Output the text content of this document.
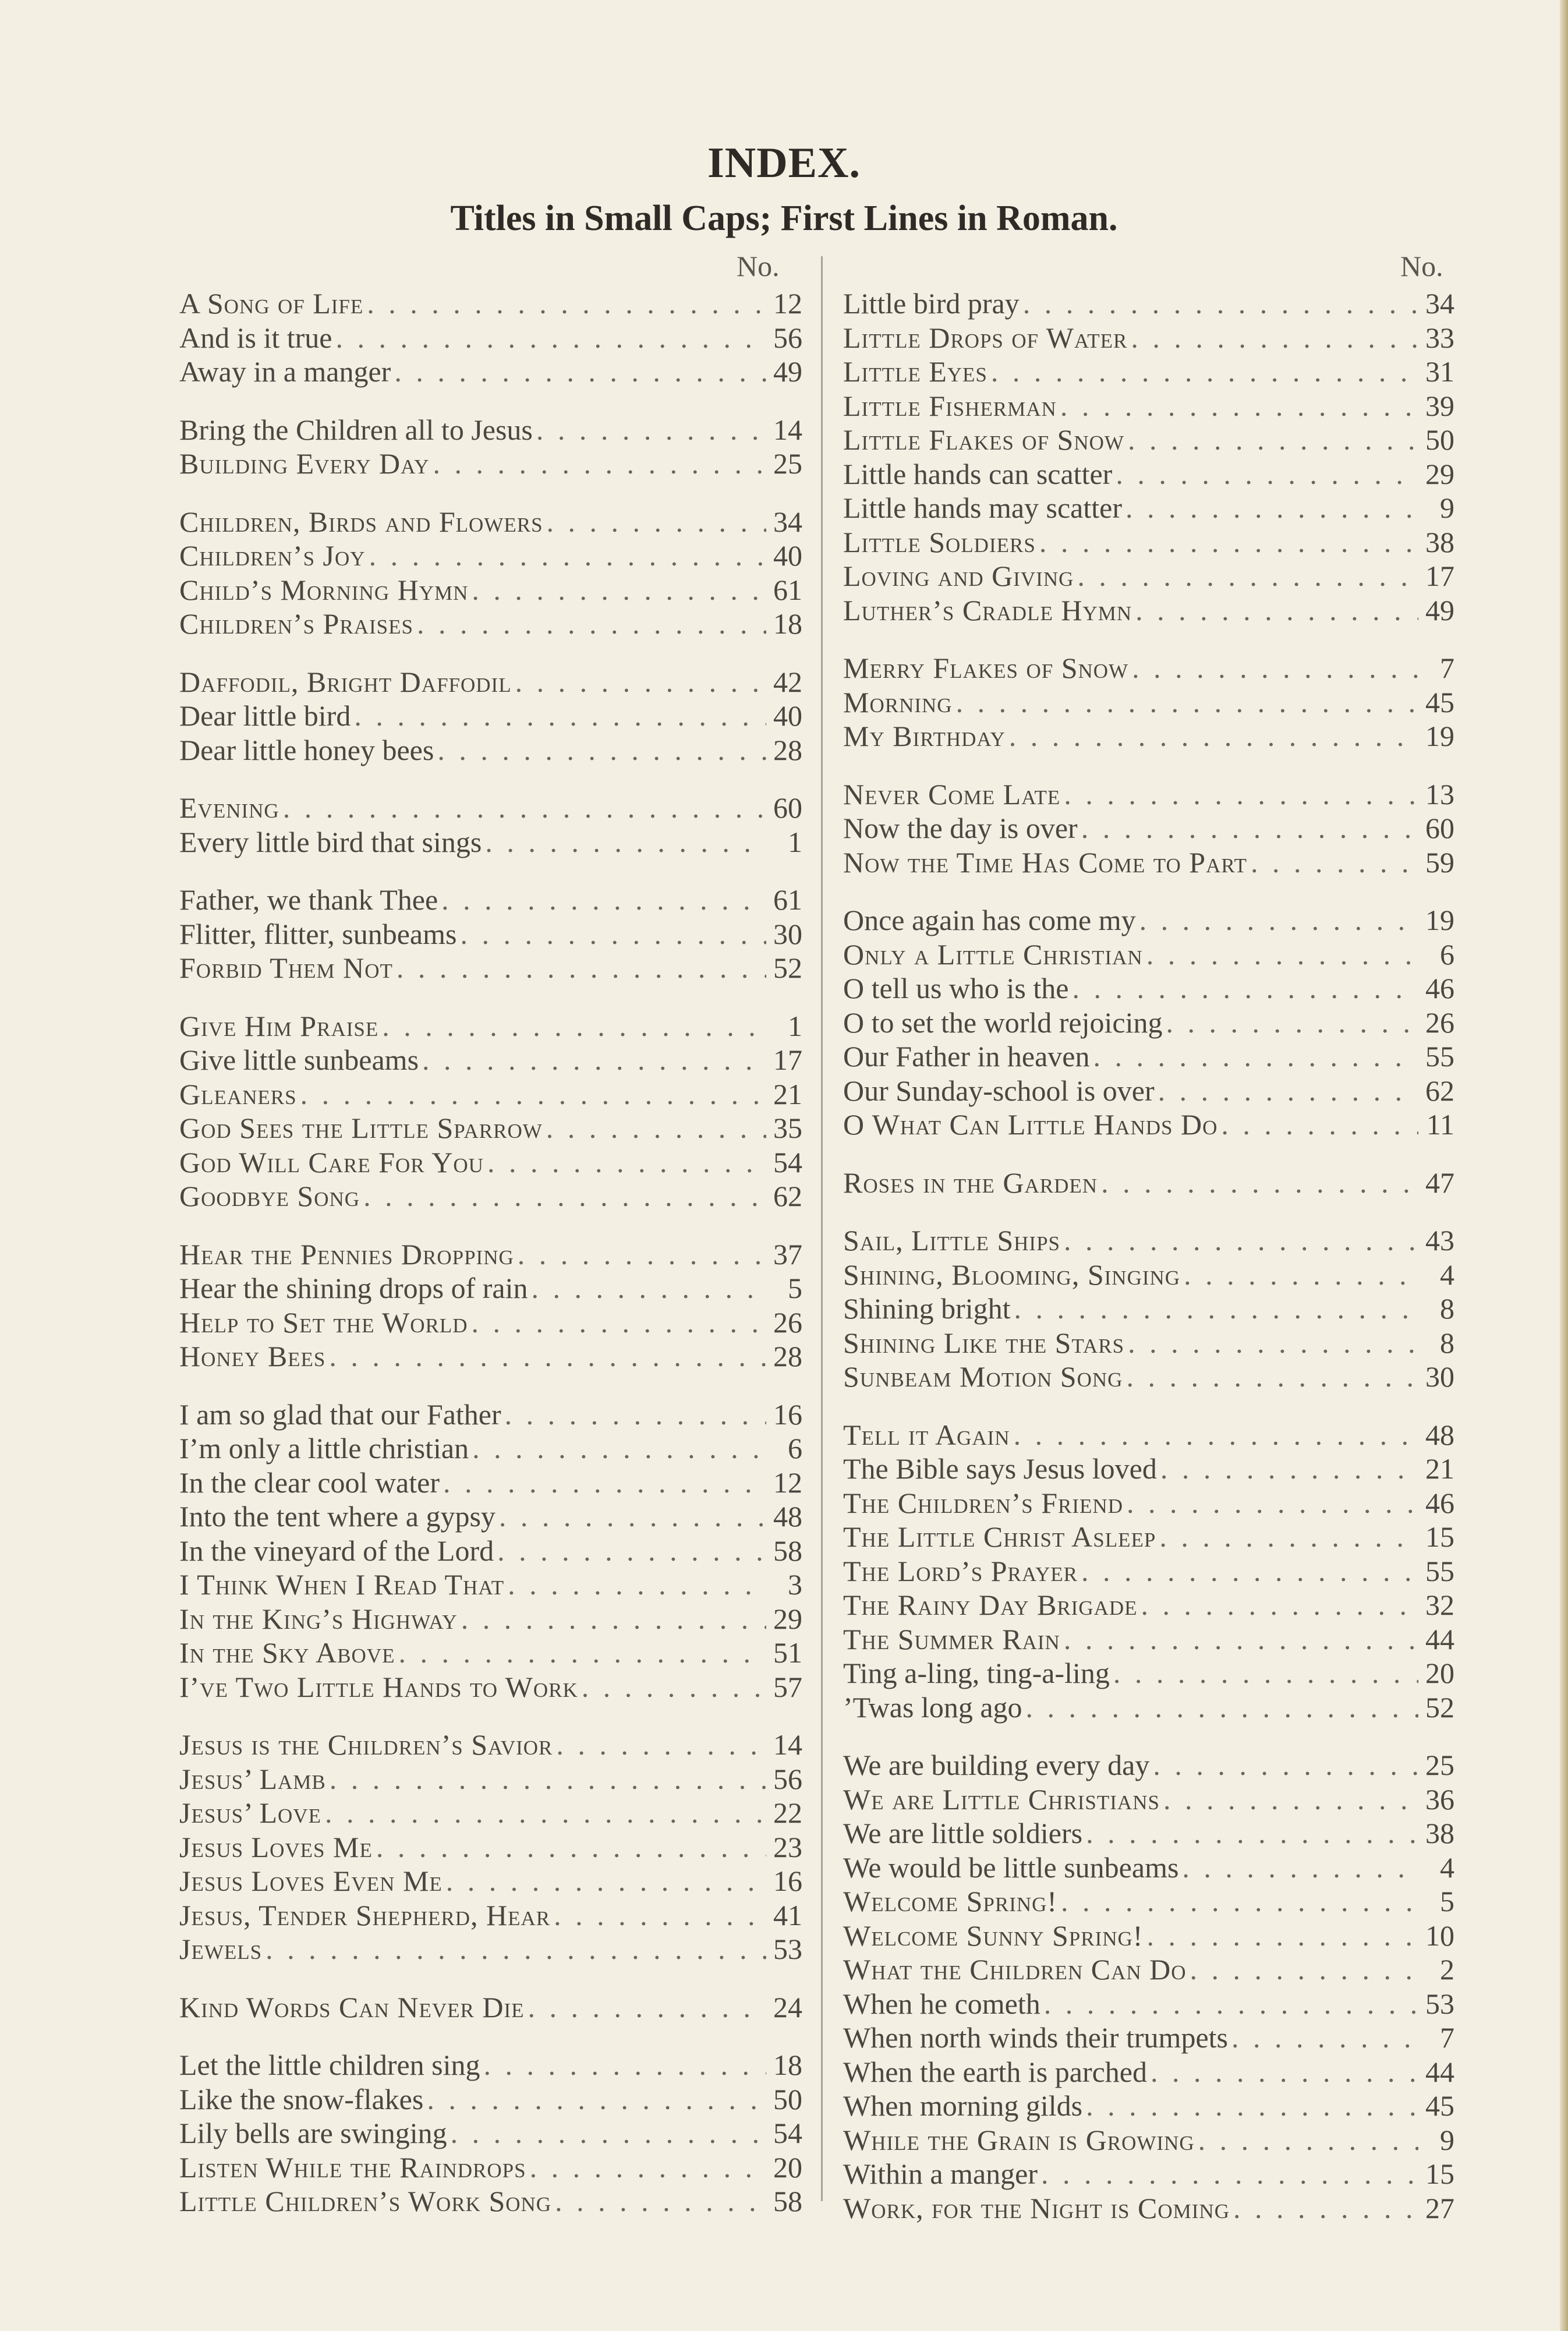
INDEX.
Titles in Small Caps; First Lines in Roman.
No.	No.
A Song of Life . . .	12
And is it true . . .	56
Away in a manger . . .	49
Bring the Children all to Jesus . . .	14
Building Every Day . . .	25
Children, Birds and Flowers . . .	34
Children’s Joy . . .	40
Child’s Morning Hymn . . .	61
Children’s Praises . . .	18
Daffodil, Bright Daffodil . . .	42
Dear little bird . . .	40
Dear little honey bees . . .	28
Evening . . .	60
Every little bird that sings . . .	1
Father, we thank Thee . . .	61
Flitter, flitter, sunbeams . . .	30
Forbid Them Not . . .	52
Give Him Praise . . .	1
Give little sunbeams . . .	17
Gleaners . . .	21
God Sees the Little Sparrow . . .	35
God Will Care For You . . .	54
Goodbye Song . . .	62
Hear the Pennies Dropping . . .	37
Hear the shining drops of rain . . .	5
Help to Set the World . . .	26
Honey Bees . . .	28
I am so glad that our Father . . .	16
I’m only a little christian . . .	6
In the clear cool water . . .	12
Into the tent where a gypsy . . .	48
In the vineyard of the Lord . . .	58
I Think When I Read That . . .	3
In the King’s Highway . . .	29
In the Sky Above . . .	51
I’ve Two Little Hands to Work . . .	57
Jesus is the Children’s Savior . . .	14
Jesus’ Lamb . . .	56
Jesus’ Love . . .	22
Jesus Loves Me . . .	23
Jesus Loves Even Me . . .	16
Jesus, Tender Shepherd, Hear . . .	41
Jewels . . .	53
Kind Words Can Never Die . . .	24
Let the little children sing . . .	18
Like the snow-flakes . . .	50
Lily bells are swinging . . .	54
Listen While the Raindrops . . .	20
Little Children’s Work Song . . .	58
Little bird pray . . .	34
Little Drops of Water . . .	33
Little Eyes . . .	31
Little Fisherman . . .	39
Little Flakes of Snow . . .	50
Little hands can scatter . . .	29
Little hands may scatter . . .	9
Little Soldiers . . .	38
Loving and Giving . . .	17
Luther’s Cradle Hymn . . .	49
Merry Flakes of Snow . . .	7
Morning . . .	45
My Birthday . . .	19
Never Come Late . . .	13
Now the day is over . . .	60
Now the Time Has Come to Part . . .	59
Once again has come my . . .	19
Only a Little Christian . . .	6
O tell us who is the . . .	46
O to set the world rejoicing . . .	26
Our Father in heaven . . .	55
Our Sunday-school is over . . .	62
O What Can Little Hands Do . . .	11
Roses in the Garden . . .	47
Sail, Little Ships . . .	43
Shining, Blooming, Singing . . .	4
Shining bright . . .	8
Shining Like the Stars . . .	8
Sunbeam Motion Song . . .	30
Tell it Again . . .	48
The Bible says Jesus loved . . .	21
The Children’s Friend . . .	46
The Little Christ Asleep . . .	15
The Lord’s Prayer . . .	55
The Rainy Day Brigade . . .	32
The Summer Rain . . .	44
Ting a-ling, ting-a-ling . . .	20
’Twas long ago . . .	52
We are building every day . . .	25
We are Little Christians . . .	36
We are little soldiers . . .	38
We would be little sunbeams . . .	4
Welcome Spring! . . .	5
Welcome Sunny Spring! . . .	10
What the Children Can Do . . .	2
When he cometh . . .	53
When north winds their trumpets . . .	7
When the earth is parched . . .	44
When morning gilds . . .	45
While the Grain is Growing . . .	9
Within a manger . . .	15
Work, for the Night is Coming . . .	27
